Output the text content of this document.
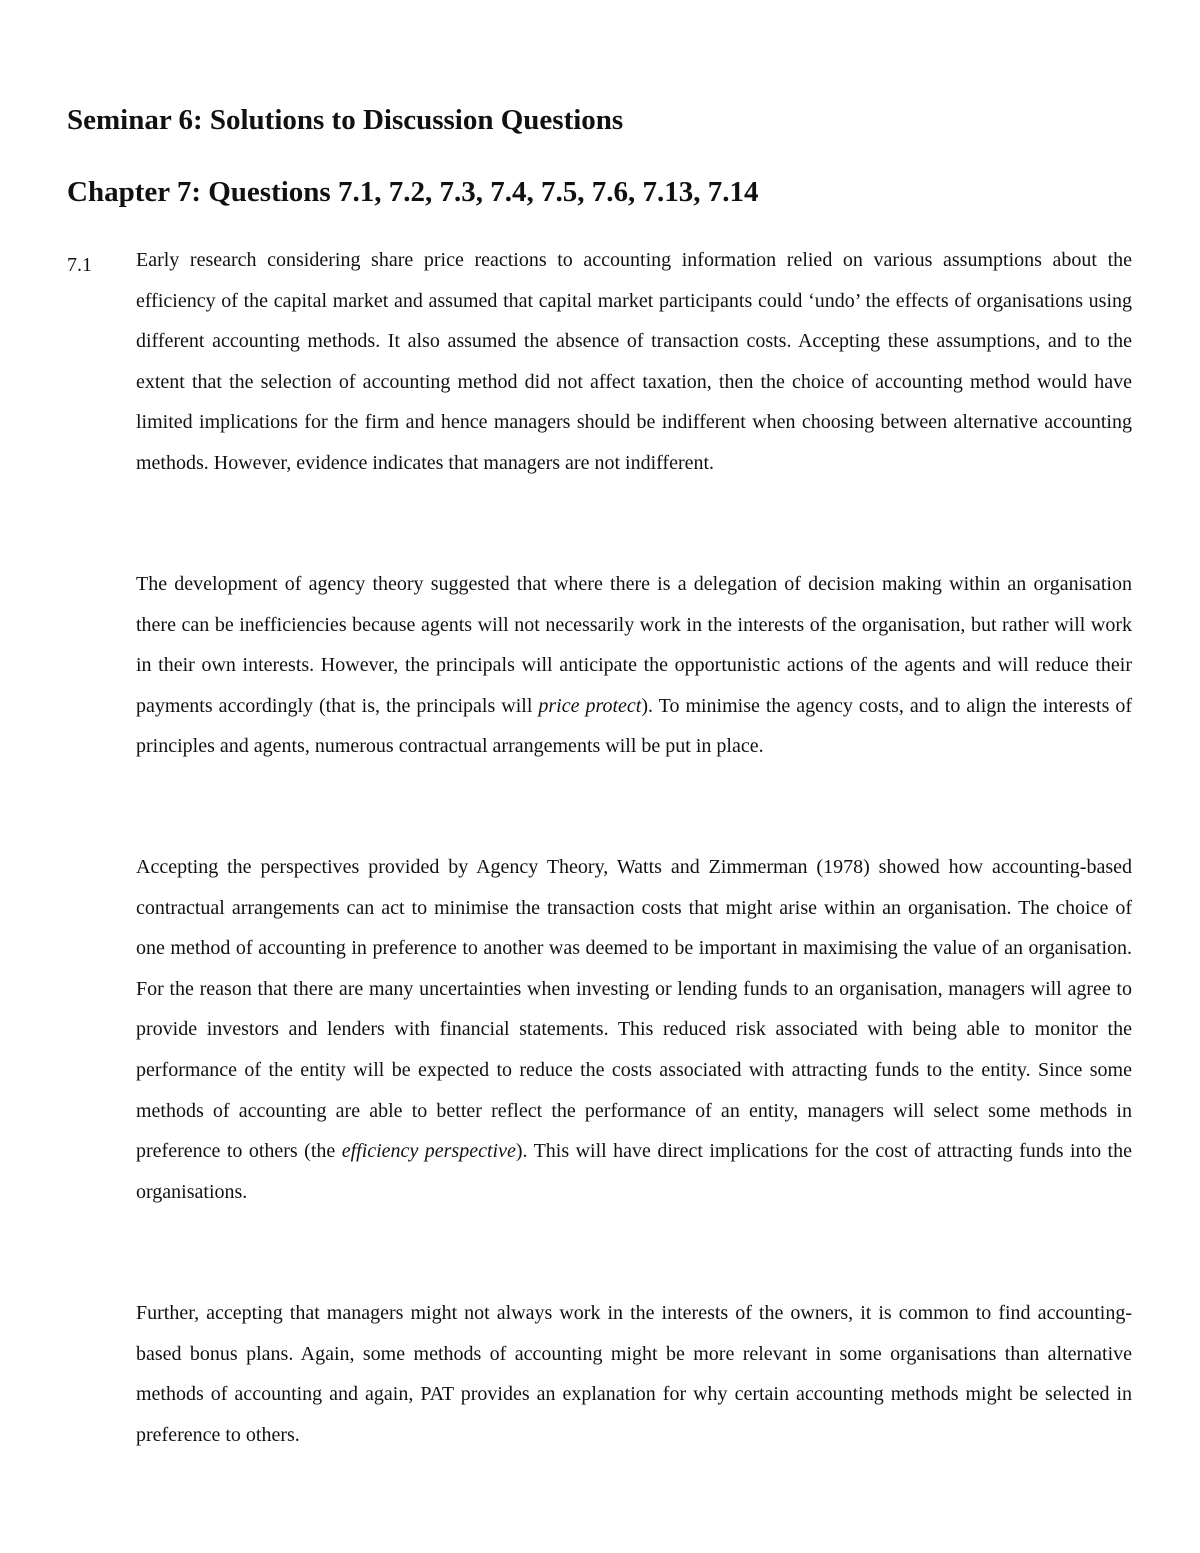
Seminar 6: Solutions to Discussion Questions
Chapter 7: Questions 7.1, 7.2, 7.3, 7.4, 7.5, 7.6, 7.13, 7.14
7.1 Early research considering share price reactions to accounting information relied on various assumptions about the efficiency of the capital market and assumed that capital market participants could ‘undo’ the effects of organisations using different accounting methods. It also assumed the absence of transaction costs. Accepting these assumptions, and to the extent that the selection of accounting method did not affect taxation, then the choice of accounting method would have limited implications for the firm and hence managers should be indifferent when choosing between alternative accounting methods. However, evidence indicates that managers are not indifferent.

The development of agency theory suggested that where there is a delegation of decision making within an organisation there can be inefficiencies because agents will not necessarily work in the interests of the organisation, but rather will work in their own interests. However, the principals will anticipate the opportunistic actions of the agents and will reduce their payments accordingly (that is, the principals will price protect). To minimise the agency costs, and to align the interests of principles and agents, numerous contractual arrangements will be put in place.

Accepting the perspectives provided by Agency Theory, Watts and Zimmerman (1978) showed how accounting-based contractual arrangements can act to minimise the transaction costs that might arise within an organisation. The choice of one method of accounting in preference to another was deemed to be important in maximising the value of an organisation. For the reason that there are many uncertainties when investing or lending funds to an organisation, managers will agree to provide investors and lenders with financial statements. This reduced risk associated with being able to monitor the performance of the entity will be expected to reduce the costs associated with attracting funds to the entity. Since some methods of accounting are able to better reflect the performance of an entity, managers will select some methods in preference to others (the efficiency perspective). This will have direct implications for the cost of attracting funds into the organisations.

Further, accepting that managers might not always work in the interests of the owners, it is common to find accounting-based bonus plans. Again, some methods of accounting might be more relevant in some organisations than alternative methods of accounting and again, PAT provides an explanation for why certain accounting methods might be selected in preference to others.
